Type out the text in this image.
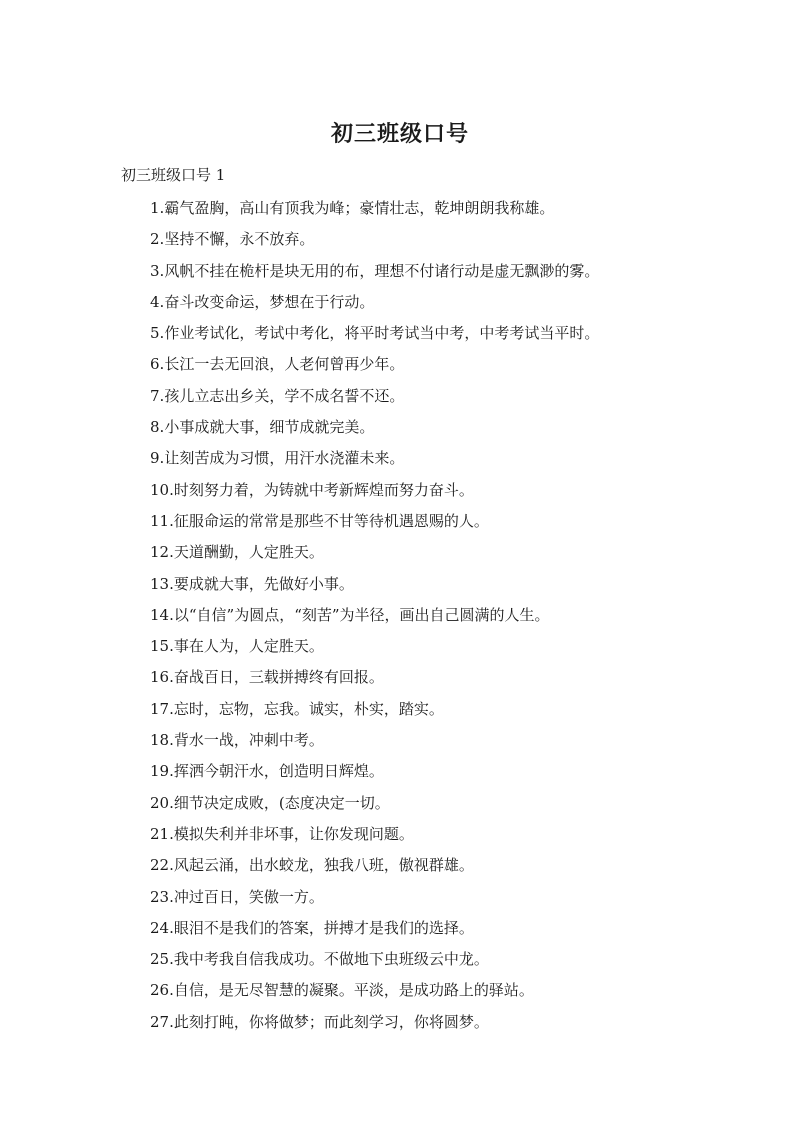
初三班级口号
初三班级口号 1
1.霸气盈胸，高山有顶我为峰；豪情壮志，乾坤朗朗我称雄。
2.坚持不懈，永不放弃。
3.风帆不挂在桅杆是块无用的布，理想不付诸行动是虚无飘渺的雾。
4.奋斗改变命运，梦想在于行动。
5.作业考试化，考试中考化，将平时考试当中考，中考考试当平时。
6.长江一去无回浪，人老何曾再少年。
7.孩儿立志出乡关，学不成名誓不还。
8.小事成就大事，细节成就完美。
9.让刻苦成为习惯，用汗水浇灌未来。
10.时刻努力着，为铸就中考新辉煌而努力奋斗。
11.征服命运的常常是那些不甘等待机遇恩赐的人。
12.天道酬勤，人定胜天。
13.要成就大事，先做好小事。
14.以“自信”为圆点，“刻苦”为半径，画出自己圆满的人生。
15.事在人为，人定胜天。
16.奋战百日，三载拼搏终有回报。
17.忘时，忘物，忘我。诚实，朴实，踏实。
18.背水一战，冲刺中考。
19.挥洒今朝汗水，创造明日辉煌。
20.细节决定成败，(态度决定一切。
21.模拟失利并非坏事，让你发现问题。
22.风起云涌，出水蛟龙，独我八班，傲视群雄。
23.冲过百日，笑傲一方。
24.眼泪不是我们的答案，拼搏才是我们的选择。
25.我中考我自信我成功。不做地下虫班级云中龙。
26.自信，是无尽智慧的凝聚。平淡，是成功路上的驿站。
27.此刻打盹，你将做梦；而此刻学习，你将圆梦。
